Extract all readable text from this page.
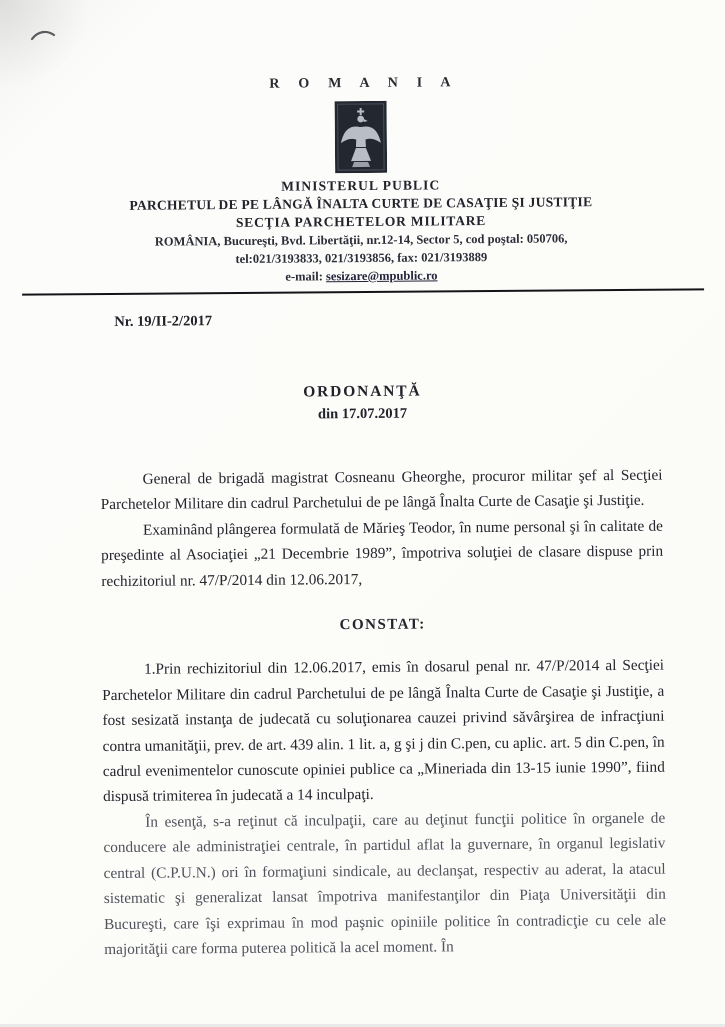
R O M A N I A
MINISTERUL PUBLIC
PARCHETUL DE PE LÂNGĂ ÎNALTA CURTE DE CASAŢIE ŞI JUSTIŢIE
SECŢIA PARCHETELOR MILITARE
ROMÂNIA, Bucureşti, Bvd. Libertăţii, nr.12-14, Sector 5, cod poştal: 050706,
tel:021/3193833, 021/3193856, fax: 021/3193889
e-mail: sesizare@mpublic.ro
Nr. 19/II-2/2017
ORDONANŢĂ
din 17.07.2017

General de brigadă magistrat Cosneanu Gheorghe, procuror militar şef al Secţiei Parchetelor Militare din cadrul Parchetului de pe lângă Înalta Curte de Casaţie şi Justiţie.

Examinând plângerea formulată de Mărieş Teodor, în nume personal şi în calitate de preşedinte al Asociaţiei „21 Decembrie 1989”, împotriva soluţiei de clasare dispuse prin rechizitoriul nr. 47/P/2014 din 12.06.2017,

CONSTAT:

1.Prin rechizitoriul din 12.06.2017, emis în dosarul penal nr. 47/P/2014 al Secţiei Parchetelor Militare din cadrul Parchetului de pe lângă Înalta Curte de Casaţie şi Justiţie, a fost sesizată instanţa de judecată cu soluţionarea cauzei privind săvârşirea de infracţiuni contra umanităţii, prev. de art. 439 alin. 1 lit. a, g şi j din C.pen, cu aplic. art. 5 din C.pen, în cadrul evenimentelor cunoscute opiniei publice ca „Mineriada din 13-15 iunie 1990”, fiind dispusă trimiterea în judecată a 14 inculpaţi.

În esenţă, s-a reţinut că inculpaţii, care au deţinut funcţii politice în organele de conducere ale administraţiei centrale, în partidul aflat la guvernare, în organul legislativ central (C.P.U.N.) ori în formaţiuni sindicale, au declanşat, respectiv au aderat, la atacul sistematic şi generalizat lansat împotriva manifestanţilor din Piaţa Universităţii din Bucureşti, care îşi exprimau în mod paşnic opiniile politice în contradicţie cu cele ale majorităţii care forma puterea politică la acel moment. În
